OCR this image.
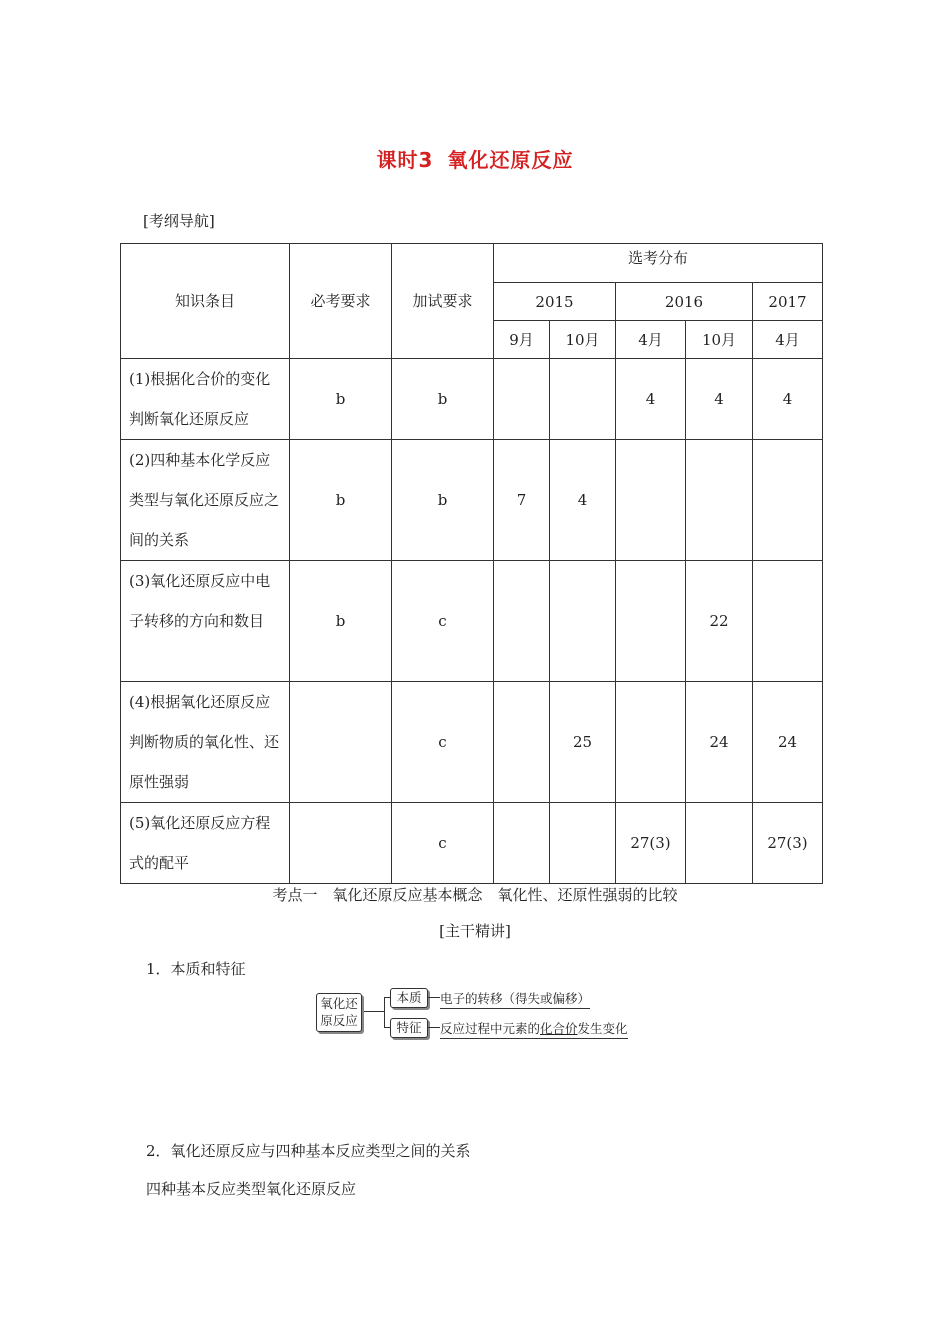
课时3 氧化还原反应
[考纲导航]
知识条目	必考要求	加试要求	选考分布				
			2015		2016		2017
			9月	10月	4月	10月	4月
(1)根据化合价的变化判断氧化还原反应	b	b			4	4	4
(2)四种基本化学反应类型与氧化还原反应之间的关系	b	b	7	4			
(3)氧化还原反应中电子转移的方向和数目	b	c				22	
(4)根据氧化还原反应判断物质的氧化性、还原性强弱		c		25		24	24
(5)氧化还原反应方程式的配平		c			27(3)		27(3)
考点一　氧化还原反应基本概念　氧化性、还原性强弱的比较
[主干精讲]
1．本质和特征
氧化还原反应
本质
特征
电子的转移（得失或偏移）
反应过程中元素的化合价发生变化
2．氧化还原反应与四种基本反应类型之间的关系
四种基本反应类型氧化还原反应
